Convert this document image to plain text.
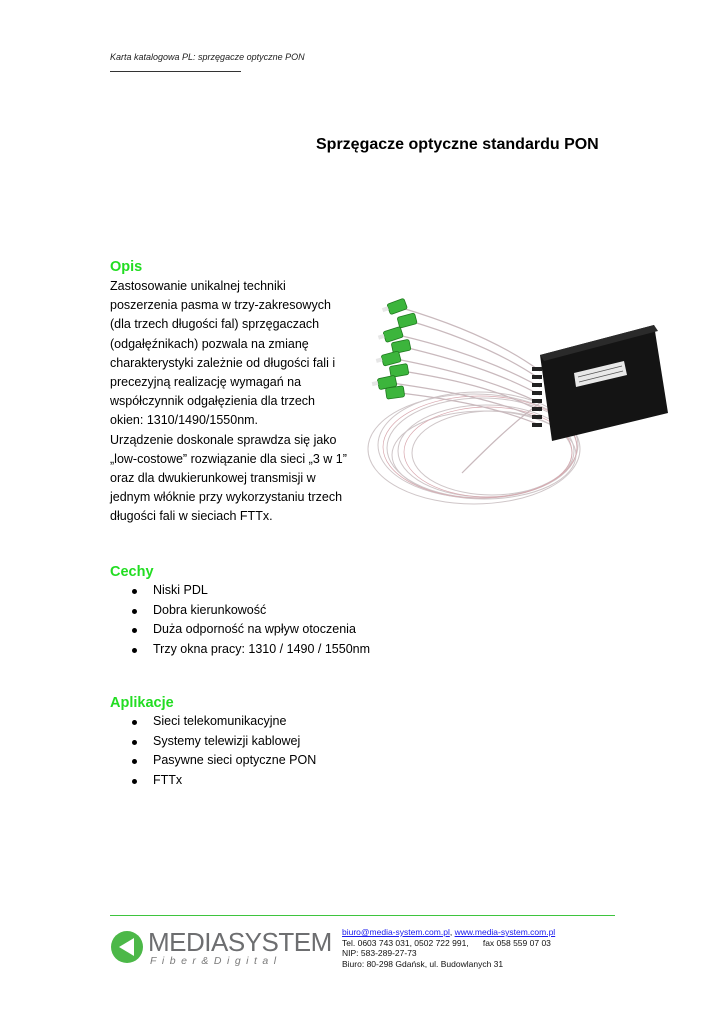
Karta katalogowa PL: sprzęgacze optyczne PON
Sprzęgacze optyczne standardu PON
Opis
Zastosowanie unikalnej techniki
poszerzenia pasma w trzy-zakresowych
(dla trzech długości fal) sprzęgaczach
(odgałęźnikach) pozwala na zmianę
charakterystyki zależnie od długości fali i
precezyjną realizację wymagań na
współczynnik odgałęzienia dla trzech
okien: 1310/1490/1550nm.
Urządzenie doskonale sprawdza się jako
„low-costowe” rozwiązanie dla sieci „3 w 1”
oraz dla dwukierunkowej transmisji w
jednym włóknie przy wykorzystaniu trzech
długości fali w sieciach FTTx.
Cechy
Niski PDL
Dobra kierunkowość
Duża odporność na wpływ otoczenia
Trzy okna pracy: 1310 / 1490 / 1550nm
Aplikacje
Sieci telekomunikacyjne
Systemy telewizji kablowej
Pasywne sieci optyczne PON
FTTx
MEDIASYSTEM
Fiber&Digital
biuro@media-system.com.pl, www.media-system.com.pl
Tel. 0603 743 031, 0502 722 991,      fax 058 559 07 03
NIP: 583-289-27-73
Biuro: 80-298 Gdańsk, ul. Budowlanych 31
